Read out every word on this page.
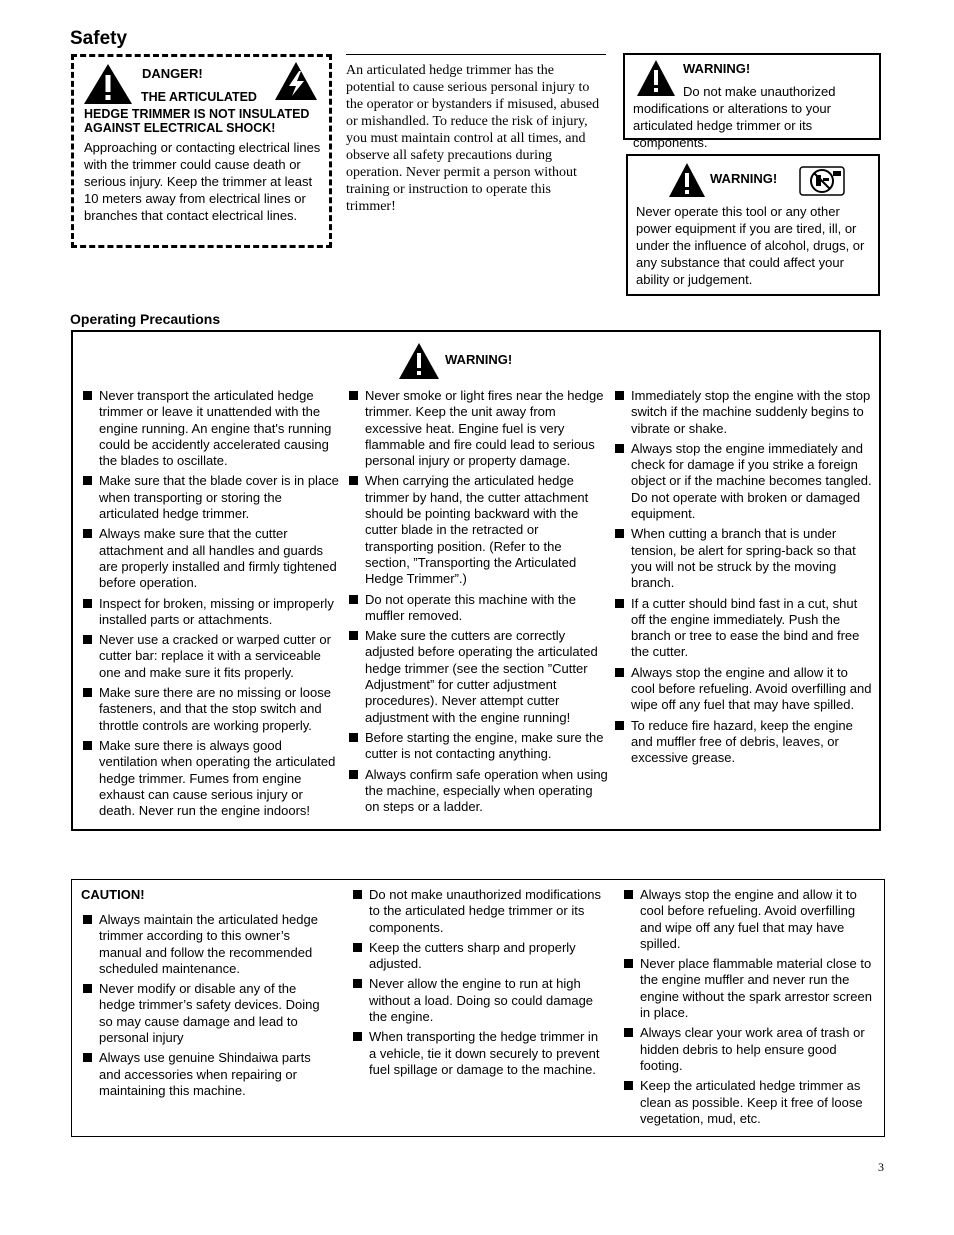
Safety
DANGER!
THE ARTICULATED
HEDGE TRIMMER IS NOT INSULATED AGAINST ELECTRICAL SHOCK!
Approaching or contacting electrical lines with the trimmer could cause death or serious injury. Keep the trimmer at least 10 meters away from electrical lines or branches that contact electrical lines.
An articulated hedge trimmer has the potential to cause serious personal injury to the operator or bystanders if misused, abused or mishandled. To reduce the risk of injury, you must maintain control at all times, and observe all safety precautions during operation. Never permit a person without training or instruction to operate this trimmer!
WARNING!
Do not make unauthorized modifications or alterations to your articulated hedge trimmer or its components.
WARNING!
Never operate this tool or any other power equipment if you are tired, ill, or under the influence of alcohol, drugs, or any substance that could affect your ability or judgement.
Operating Precautions
WARNING!
Never transport the articulated hedge trimmer or leave it unattended with the engine running. An engine that's running could be accidently accelerated causing the blades to oscillate.
Make sure that the blade cover is in place when transporting or storing the articulated hedge trimmer.
Always make sure that the cutter attachment and all handles and guards are properly installed and firmly tightened before operation.
Inspect for broken, missing or improperly installed parts or attachments.
Never use a cracked or warped cutter or cutter bar: replace it with a serviceable one and make sure it fits properly.
Make sure there are no missing or loose fasteners, and that the stop switch and throttle controls are working properly.
Make sure there is always good ventilation when operating the articulated hedge trimmer. Fumes from engine exhaust can cause serious injury or death. Never run the engine indoors!
Never smoke or light fires near the hedge trimmer. Keep the unit away from excessive heat. Engine fuel is very flammable and fire could lead to serious personal injury or property damage.
When carrying the articulated hedge trimmer by hand, the cutter attachment should be pointing backward with the cutter blade in the retracted or transporting position. (Refer to the section, ”Transporting the Articulated Hedge Trimmer”.)
Do not operate this machine with the muffler removed.
Make sure the cutters are correctly adjusted before operating the articulated hedge trimmer (see the section ”Cutter Adjustment” for cutter adjustment procedures). Never attempt cutter adjustment with the engine running!
Before starting the engine, make sure the cutter is not contacting anything.
Always confirm safe operation when using the machine, especially when operating on steps or a ladder.
Immediately stop the engine with the stop switch if the machine suddenly begins to vibrate or shake.
Always stop the engine immediately and check for damage if you strike a foreign object or if the machine becomes tangled. Do not operate with broken or damaged equipment.
When cutting a branch that is under tension, be alert for spring-back so that you will not be struck by the moving branch.
If a cutter should bind fast in a cut, shut off the engine immediately. Push the branch or tree to ease the bind and free the cutter.
Always stop the engine and allow it to cool before refueling. Avoid overfilling and wipe off any fuel that may have spilled.
To reduce fire hazard, keep the engine and muffler free of debris, leaves, or excessive grease.
CAUTION!
Always maintain the articulated hedge trimmer according to this owner’s manual and follow the recommended scheduled maintenance.
Never modify or disable any of the hedge trimmer’s safety devices. Doing so may cause damage and lead to personal injury
Always use genuine Shindaiwa parts and accessories when repairing or maintaining this machine.
Do not make unauthorized modifications to the articulated hedge trimmer or its components.
Keep the cutters sharp and properly adjusted.
Never allow the engine to run at high without a load. Doing so could damage the engine.
When transporting the hedge trimmer in a vehicle, tie it down securely to prevent fuel spillage or damage to the machine.
Always stop the engine and allow it to cool before refueling. Avoid overfilling and wipe off any fuel that may have spilled.
Never place flammable material close to the engine muffler and never run the engine without the spark arrestor screen in place.
Always clear your work area of trash or hidden debris to help ensure good footing.
Keep the articulated hedge trimmer as clean as possible. Keep it free of loose vegetation, mud, etc.
3
